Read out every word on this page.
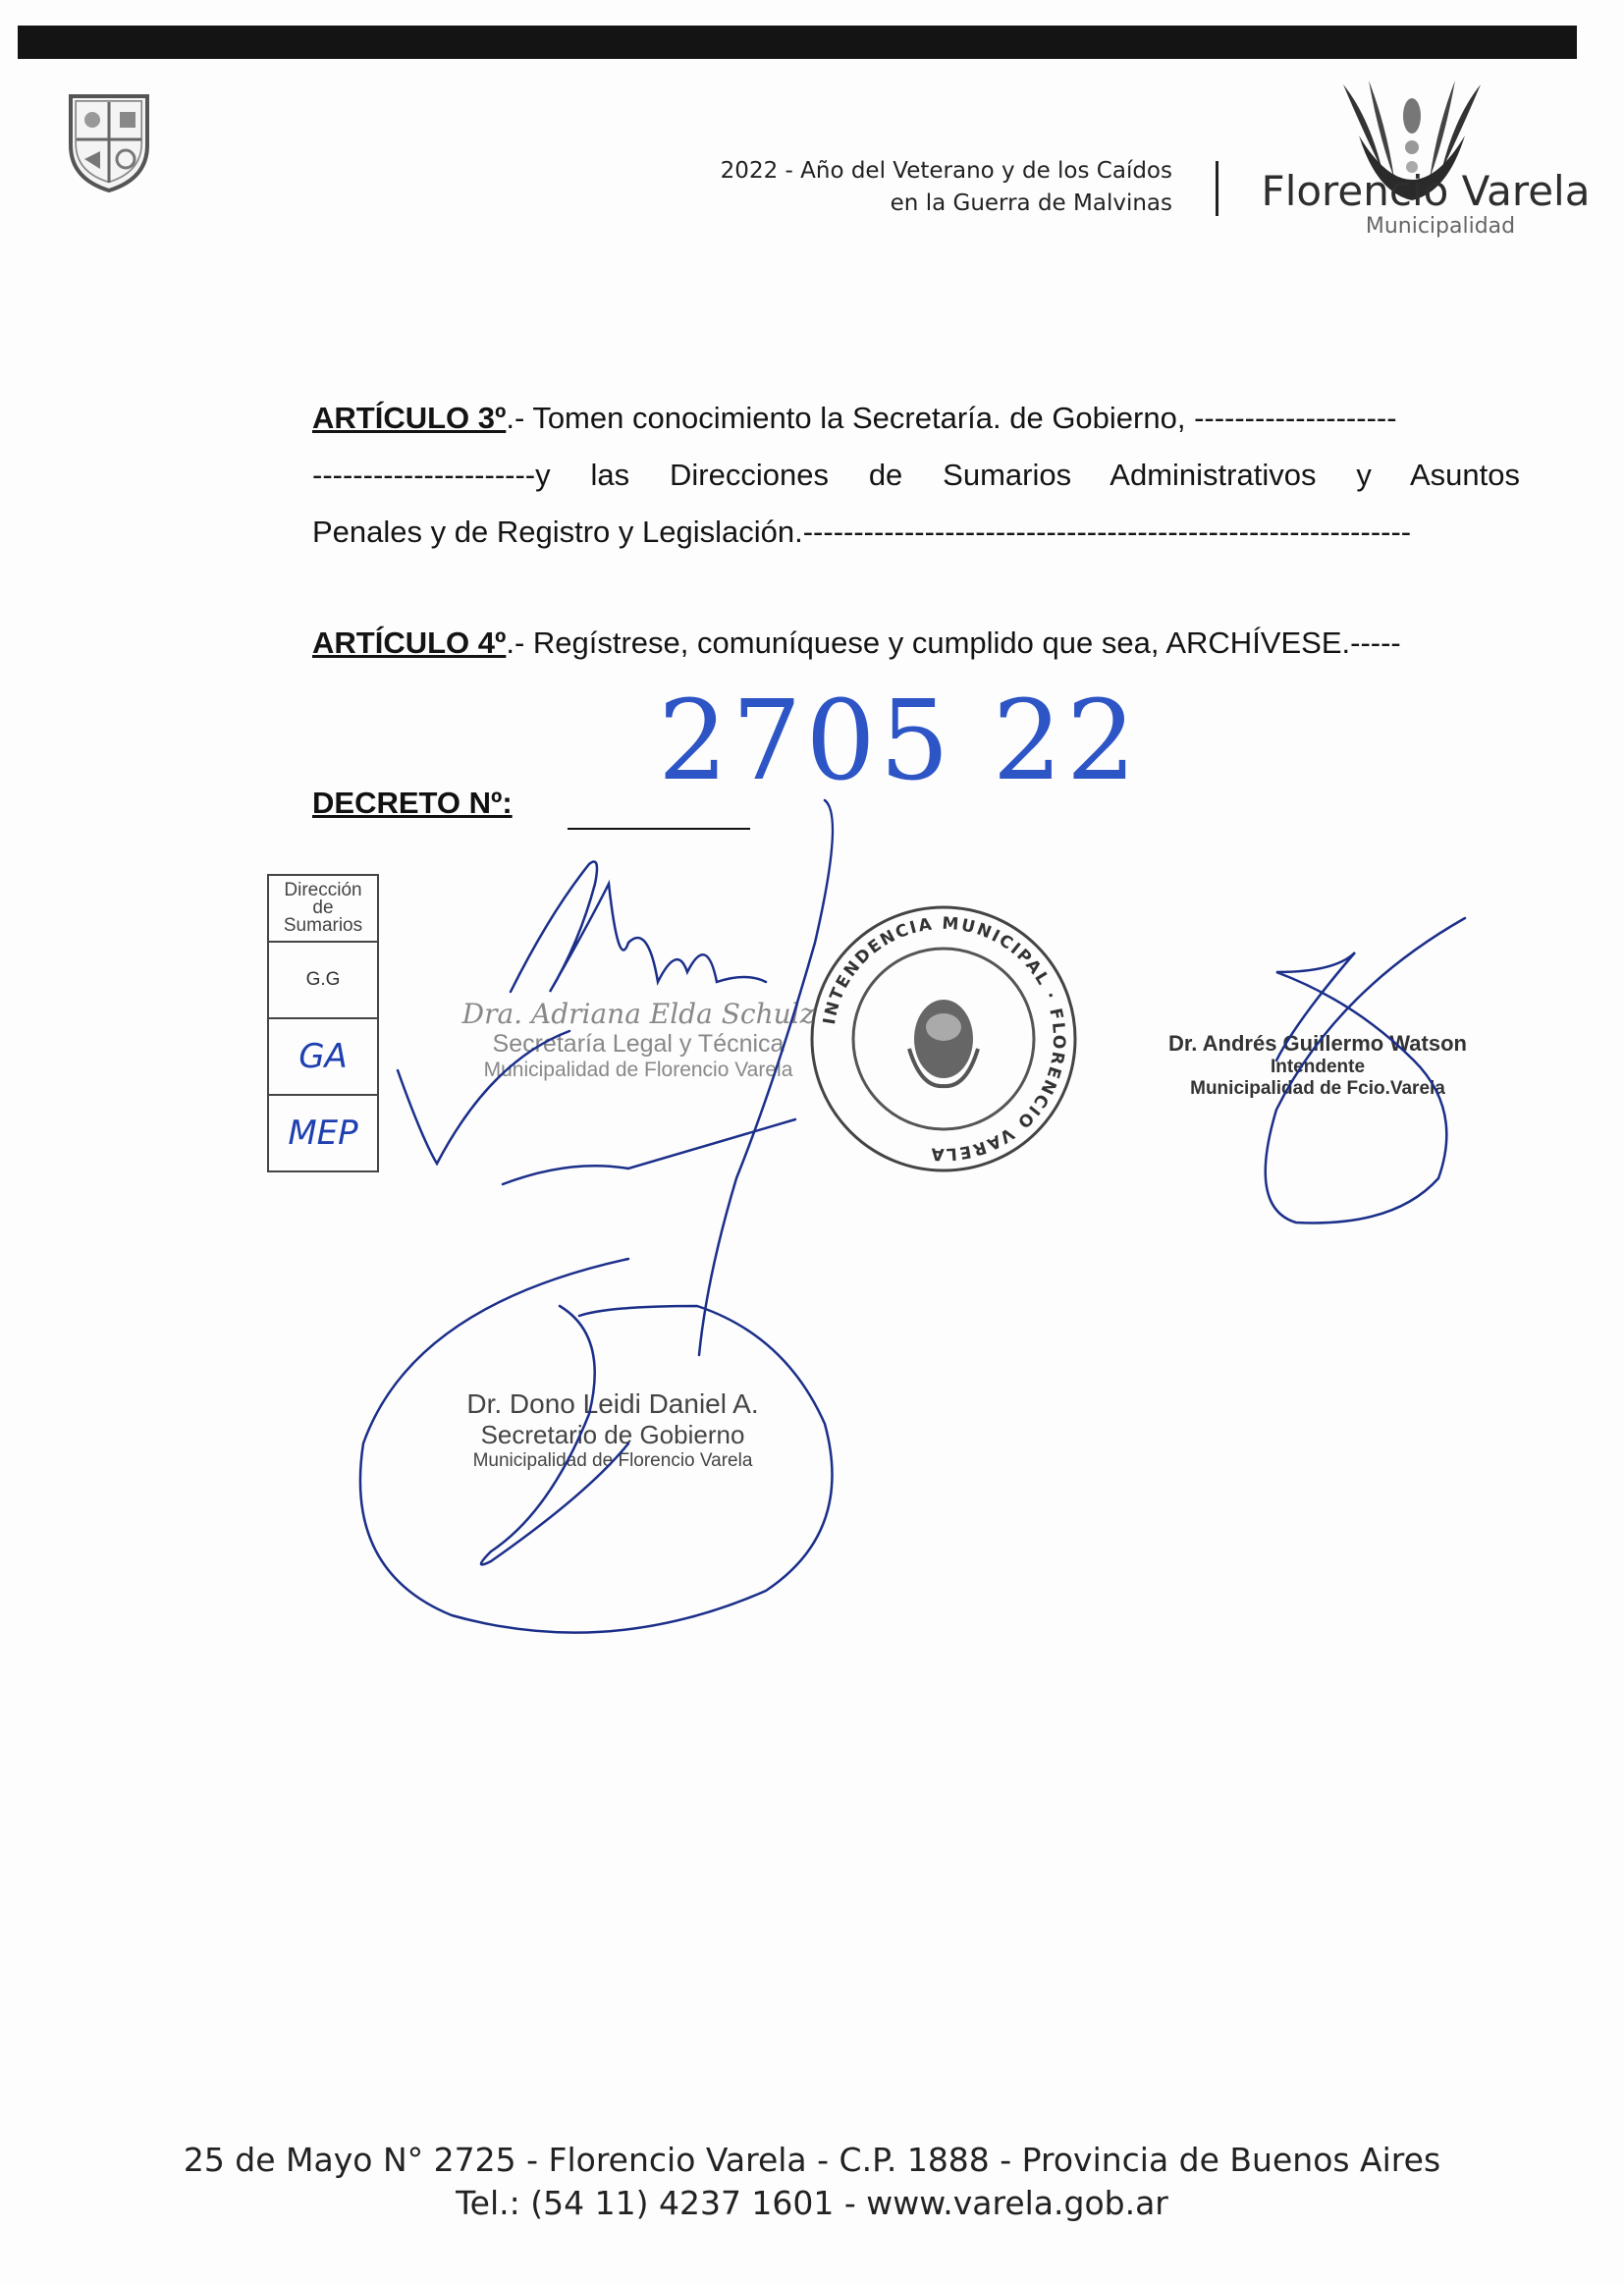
2022 - Año del Veterano y de los Caídos
en la Guerra de Malvinas Florencio Varela
Municipalidad
ARTÍCULO 3º.- Tomen conocimiento la Secretaría. de Gobierno, --------------------
----------------------y las Direcciones de Sumarios Administrativos y Asuntos
Penales y de Registro y Legislación.------------------------------------------------------------
ARTÍCULO 4º.- Regístrese, comuníquese y cumplido que sea, ARCHÍVESE.-----
2705 22
DECRETO Nº:
Dirección
de
Sumarios
G.G
GA
MEP
INTENDENCIA MUNICIPAL · FLORENCIO VARELA
Dra. Adriana Elda Schulz
Secretaría Legal y Técnica
Municipalidad de Florencio Varela
Dr. Andrés Guillermo Watson
Intendente
Municipalidad de Fcio.Varela
Dr. Dono Leidi Daniel A.
Secretario de Gobierno
Municipalidad de Florencio Varela
25 de Mayo N° 2725 - Florencio Varela - C.P. 1888 - Provincia de Buenos Aires
Tel.: (54 11) 4237 1601 - www.varela.gob.ar
